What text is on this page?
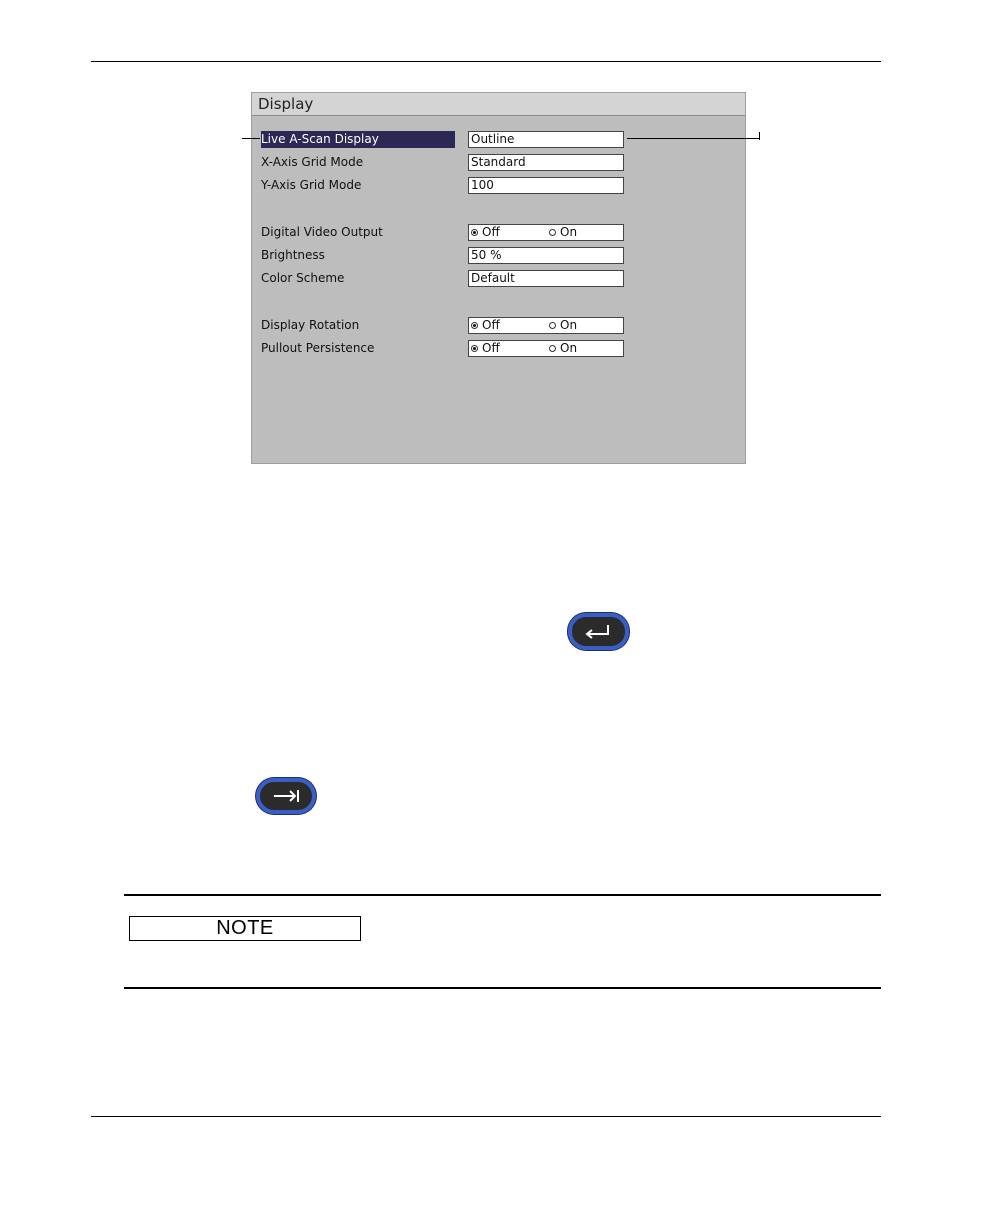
Display
Live A-Scan Display	Outline
X-Axis Grid Mode	Standard
Y-Axis Grid Mode	100
Digital Video Output	Off	On
Brightness	50 %
Color Scheme	Default
Display Rotation	Off	On
Pullout Persistence	Off	On
NOTE
